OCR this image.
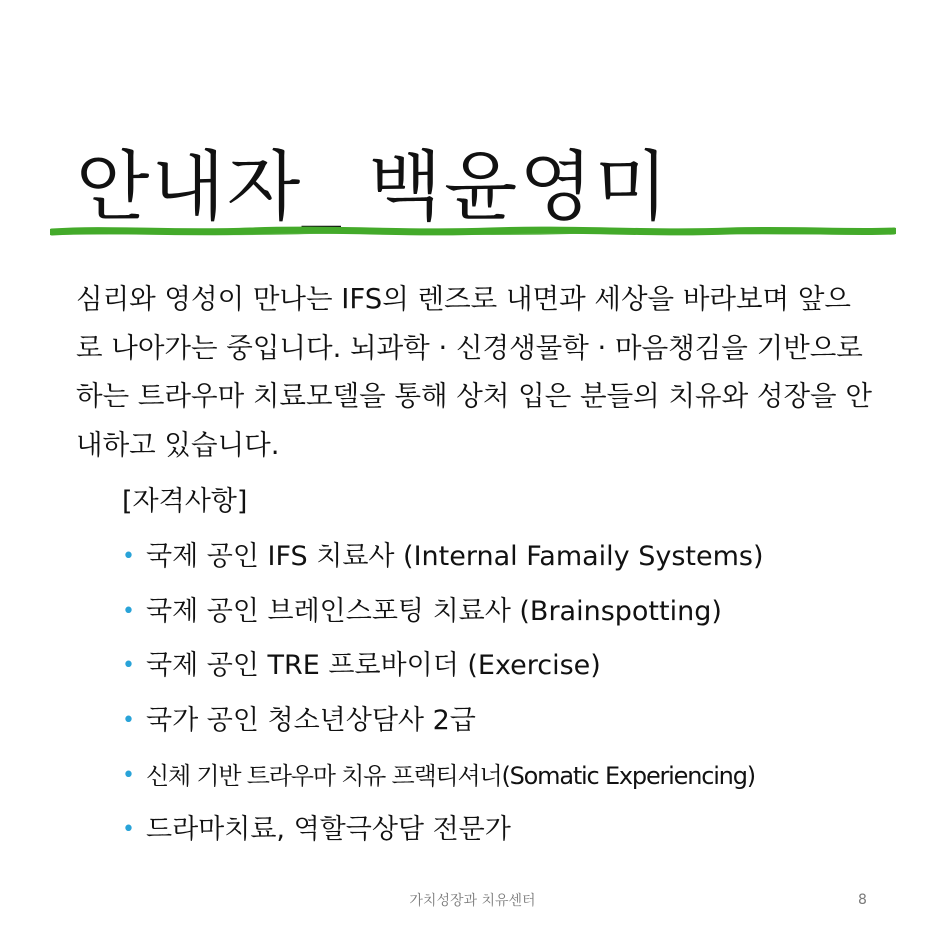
안내자_ 백윤영미

심리와 영성이 만나는 IFS의 렌즈로 내면과 세상을 바라보며 앞으로 나아가는 중입니다. 뇌과학 · 신경생물학 · 마음챙김을 기반으로 하는 트라우마 치료모델을 통해 상처 입은 분들의 치유와 성장을 안내하고 있습니다.

[자격사항]

• 국제 공인 IFS 치료사 (Internal Famaily Systems)
• 국제 공인 브레인스포팅 치료사 (Brainspotting)
• 국제 공인 TRE 프로바이더 (Exercise)
• 국가 공인 청소년상담사 2급
• 신체 기반 트라우마 치유 프랙티셔너(Somatic Experiencing)
• 드라마치료, 역할극상담 전문가
가치성장과 치유센터	8
